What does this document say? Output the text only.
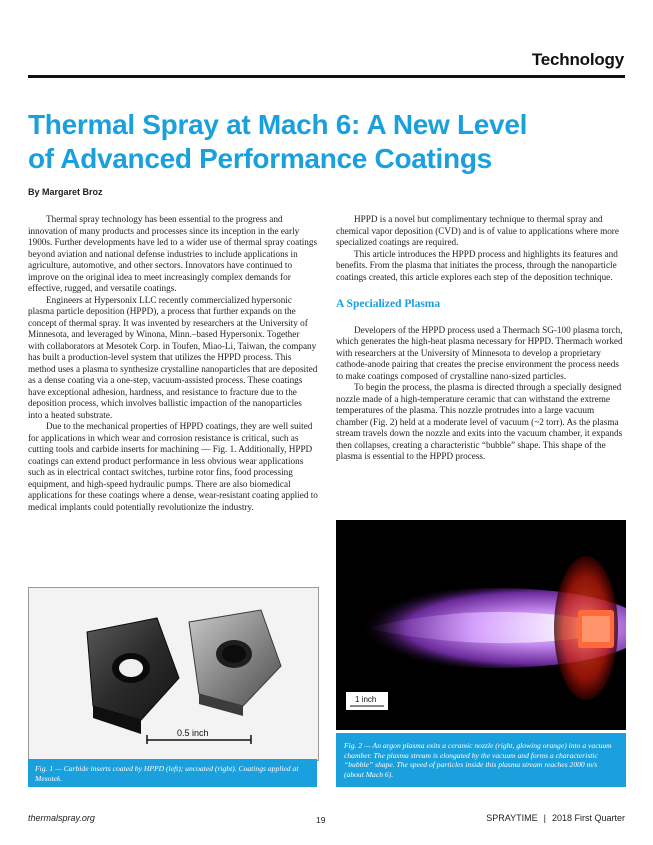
Technology
Thermal Spray at Mach 6: A New Level
of Advanced Performance Coatings
By Margaret Broz

Thermal spray technology has been essential to the progress and innovation of many products and processes since its inception in the early 1900s. Further developments have led to a wider use of thermal spray coatings beyond aviation and national defense industries to include applications in agriculture, automotive, and other sectors. Innovators have continued to improve on the original idea to meet increasingly complex demands for effective, rugged, and versatile coatings.

Engineers at Hypersonix LLC recently commercialized hypersonic plasma particle deposition (HPPD), a process that further expands on the concept of thermal spray. It was invented by researchers at the University of Minnesota, and leveraged by Winona, Minn.–based Hypersonix. Together with collaborators at Mesotek Corp. in Toufen, Miao-Li, Taiwan, the company has built a production-level system that utilizes the HPPD process. This method uses a plasma to synthesize crystalline nanoparticles that are deposited as a dense coating via a one-step, vacuum-assisted process. These coatings have exceptional adhesion, hardness, and resistance to fracture due to the deposition process, which involves ballistic impaction of the nanoparticles into a heated substrate.

Due to the mechanical properties of HPPD coatings, they are well suited for applications in which wear and corrosion resistance is critical, such as cutting tools and carbide inserts for machining — Fig. 1. Additionally, HPPD coatings can extend product performance in less obvious wear applications such as in electrical contact switches, turbine rotor fins, food processing equipment, and high-speed hydraulic pumps. There are also biomedical applications for these coatings where a dense, wear-resistant coating applied to medical implants could potentially revolutionize the industry.

HPPD is a novel but complimentary technique to thermal spray and chemical vapor deposition (CVD) and is of value to applications where more specialized coatings are required.

This article introduces the HPPD process and highlights its features and benefits. From the plasma that initiates the process, through the nanoparticle coatings created, this article explores each step of the deposition technique.

A Specialized Plasma

Developers of the HPPD process used a Thermach SG-100 plasma torch, which generates the high-heat plasma necessary for HPPD. Thermach worked with researchers at the University of Minnesota to develop a proprietary cathode-anode pairing that creates the precise environment the process needs to make coatings composed of crystalline nano-sized particles.

To begin the process, the plasma is directed through a specially designed nozzle made of a high-temperature ceramic that can withstand the extreme temperatures of the plasma. This nozzle protrudes into a large vacuum chamber (Fig. 2) held at a moderate level of vacuum (~2 torr). As the plasma stream travels down the nozzle and exits into the vacuum chamber, it expands then collapses, creating a characteristic “bubble” shape. This shape of the plasma is essential to the HPPD process.

0.5 inch
Fig. 1 — Carbide inserts coated by HPPD (left); uncoated (right). Coatings applied at Mesotek.
1 inch
Fig. 2 — An argon plasma exits a ceramic nozzle (right, glowing orange) into a vacuum chamber. The plasma stream is elongated by the vacuum and forms a characteristic “bubble” shape. The speed of particles inside this plasma stream reaches 2000 m/s (about Mach 6).
thermalspray.org	19	SPRAYTIME | 2018 First Quarter
